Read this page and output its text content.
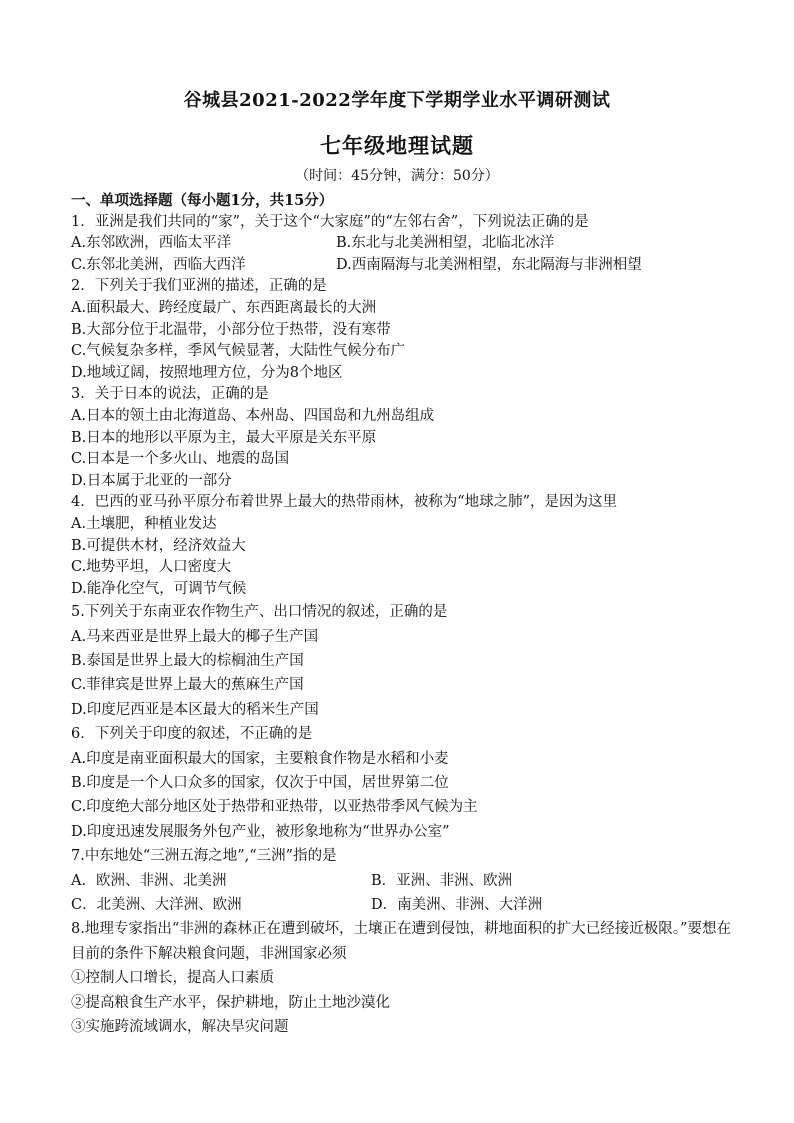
谷城县2021-2022学年度下学期学业水平调研测试
七年级地理试题
（时间：45分钟，满分：50分）
一、单项选择题（每小题1分，共15分）
1．亚洲是我们共同的“家”，关于这个“大家庭”的“左邻右舍”，下列说法正确的是
A.东邻欧洲，西临太平洋	B.东北与北美洲相望，北临北冰洋
C.东邻北美洲，西临大西洋	D.西南隔海与北美洲相望，东北隔海与非洲相望
2．下列关于我们亚洲的描述，正确的是
A.面积最大、跨经度最广、东西距离最长的大洲
B.大部分位于北温带，小部分位于热带，没有寒带
C.气候复杂多样，季风气候显著，大陆性气候分布广
D.地域辽阔，按照地理方位，分为8个地区
3．关于日本的说法，正确的是
A.日本的领土由北海道岛、本州岛、四国岛和九州岛组成
B.日本的地形以平原为主，最大平原是关东平原
C.日本是一个多火山、地震的岛国
D.日本属于北亚的一部分
4．巴西的亚马孙平原分布着世界上最大的热带雨林，被称为“地球之肺”，是因为这里
A.土壤肥，种植业发达
B.可提供木材，经济效益大
C.地势平坦，人口密度大
D.能净化空气，可调节气候
5.下列关于东南亚农作物生产、出口情况的叙述，正确的是
A.马来西亚是世界上最大的椰子生产国
B.泰国是世界上最大的棕榈油生产国
C.菲律宾是世界上最大的蕉麻生产国
D.印度尼西亚是本区最大的稻米生产国
6．下列关于印度的叙述，不正确的是
A.印度是南亚面积最大的国家，主要粮食作物是水稻和小麦
B.印度是一个人口众多的国家，仅次于中国，居世界第二位
C.印度绝大部分地区处于热带和亚热带，以亚热带季风气候为主
D.印度迅速发展服务外包产业，被形象地称为“世界办公室”
7.中东地处“三洲五海之地”,“三洲”指的是
A．欧洲、非洲、北美洲	B．亚洲、非洲、欧洲
C．北美洲、大洋洲、欧洲	D．南美洲、非洲、大洋洲
8.地理专家指出“非洲的森林正在遭到破坏，土壤正在遭到侵蚀，耕地面积的扩大已经接近极限。”要想在目前的条件下解决粮食问题，非洲国家必须
①控制人口增长，提高人口素质
②提高粮食生产水平，保护耕地，防止土地沙漠化
③实施跨流域调水，解决旱灾问题
